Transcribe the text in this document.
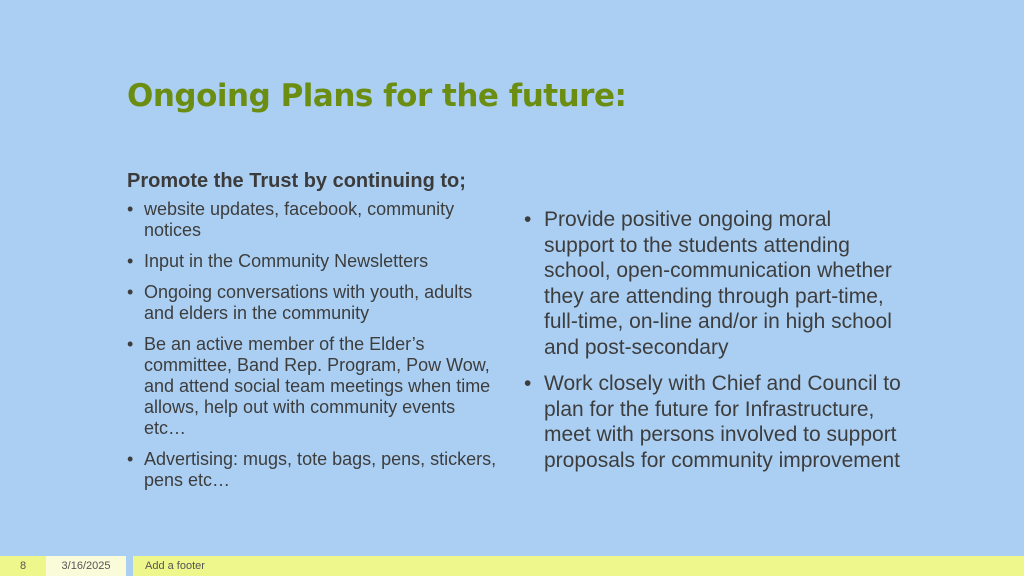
Ongoing Plans for the future:

Promote the Trust by continuing to;

• website updates, facebook, community notices
• Input in the Community Newsletters
• Ongoing conversations with youth, adults and elders in the community
• Be an active member of the Elder’s committee, Band Rep. Program, Pow Wow, and attend social team meetings when time allows, help out with community events etc…
• Advertising: mugs, tote bags, pens, stickers, pens etc…
• Provide positive ongoing moral support to the students attending school, open-communication whether they are attending through part-time, full-time, on-line and/or in high school and post-secondary
• Work closely with Chief and Council to plan for the future for Infrastructure, meet with persons involved to support proposals for community improvement
8	3/16/2025	Add a footer
